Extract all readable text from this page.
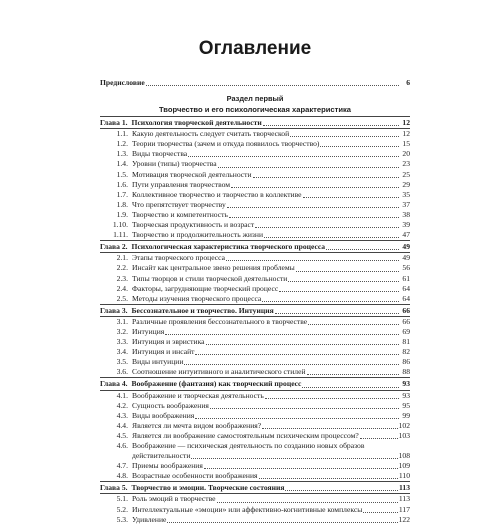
Оглавление
Предисловие	6
Раздел первый
Творчество и его психологическая характеристика
Глава 1. Психология творческой деятельности	12
1.1. Какую деятельность следует считать творческой	12
1.2. Теории творчества (зачем и откуда появилось творчество)	15
1.3. Виды творчества	20
1.4. Уровни (типы) творчества	23
1.5. Мотивация творческой деятельности	25
1.6. Пути управления творчеством	29
1.7. Коллективное творчество и творчество в коллективе	35
1.8. Что препятствует творчеству	37
1.9. Творчество и компетентность	38
1.10. Творческая продуктивность и возраст	39
1.11. Творчество и продолжительность жизни	47
Глава 2. Психологическая характеристика творческого процесса	49
2.1. Этапы творческого процесса	49
2.2. Инсайт как центральное звено решения проблемы	56
2.3. Типы творцов и стили творческой деятельности	61
2.4. Факторы, загрудняющие творческий процесс	64
2.5. Методы изучения творческого процесса	64
Глава 3. Бессознательное и творчество. Интуиция	66
3.1. Различные проявления бессознательного в творчестве	66
3.2. Интуиция	69
3.3. Интуиция и эвристика	81
3.4. Интуиция и инсайт	82
3.5. Виды интуиции	86
3.6. Соотношение интуитивного и аналитического стилей	88
Глава 4. Воображение (фантазия) как творческий процесс	93
4.1. Воображение и творческая деятельность	93
4.2. Сущность воображения	95
4.3. Виды воображения	99
4.4. Является ли мечта видом воображения?	102
4.5. Является ли воображение самостоятельным психическим процессом?	103
4.6. Воображение — психическая деятельность по созданию новых образов
действительности	108
4.7. Приемы воображения	109
4.8. Возрастные особенности воображения	110
Глава 5. Творчество и эмоции. Творческие состояния	113
5.1. Роль эмоций в творчестве	113
5.2. Интеллектуальные «эмоции» или аффективно-когнитивные комплексы	117
5.3. Удивление	122
